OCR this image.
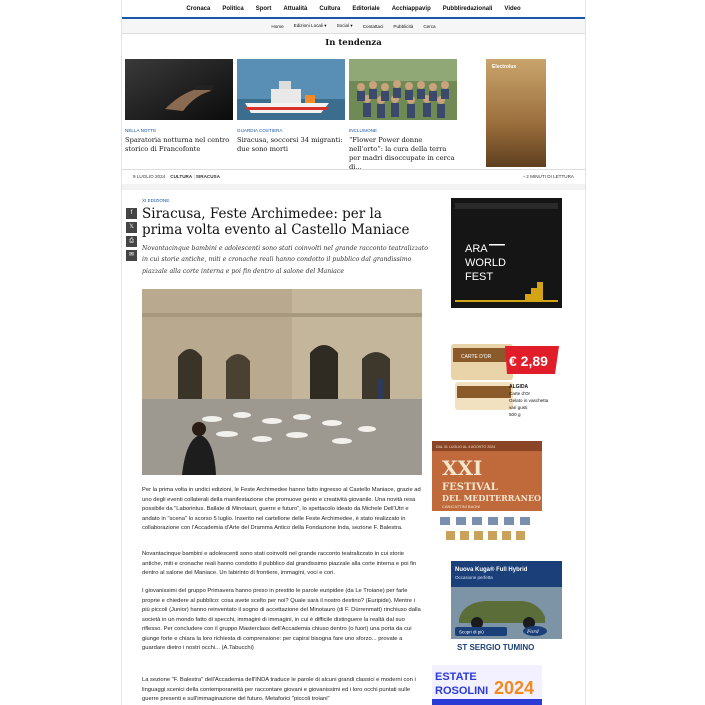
Cronaca	Politica	Sport	Attualità	Cultura	Editoriale	Acchiappavip	Pubbliredazionali	Video
Home	Edizioni Locali ▾	Social ▾	Contattaci	Pubblicità	Cerca
In tendenza
NELLA NOTTE
Sparatoria notturna nel centro storico di Francofonte
GUARDIA COSTIERA
Siracusa, soccorsi 34 migranti: due sono morti
INCLUSIONE
“Flower Power donne nell'orto”: la cura della terra per madri disoccupate in cerca di...
Electrolux
9 LUGLIO 2024 CULTURA | SIRACUSA	◔ 2 MINUTI DI LETTURA
f
𝕏
⎙
✉
XI EDIZIONE
Siracusa, Feste Archimedee: per la prima volta evento al Castello Maniace
Novantacinque bambini e adolescenti sono stati coinvolti nel grande racconto teatralizzato in cui storie antiche, miti e cronache reali hanno condotto il pubblico dal grandissimo piazzale alla corte interna e poi fin dentro al salone del Maniace
Per la prima volta in undici edizioni, le Feste Archimedee hanno fatto ingresso al Castello Maniace, grazie ad uno degli eventi collaterali della manifestazione che promuove genio e creatività giovanile. Una novità resa possibile da "Laborintus. Ballate di Minotauri, guerre e futuro", lo spettacolo ideato da Michele Dell'Utri e andato in "scena" lo scorso 5 luglio. Inserito nel cartellone delle Feste Archimedee, è stato realizzato in collaborazione con l'Accademia d'Arte del Dramma Antico della Fondazione Inda, sezione F. Balestra.
Novantacinque bambini e adolescenti sono stati coinvolti nel grande racconto teatralizzato in cui storie antiche, miti e cronache reali hanno condotto il pubblico dal grandissimo piazzale alla corte interna e poi fin dentro al salone del Maniace. Un labirinto di frontiere, immagini, voci e cori.
I giovanissimi del gruppo Primavera hanno preso in prestito le parole euripidee (da Le Troiane) per farle proprie e chiedere al pubblico: cosa avete scelto per noi? Quale sarà il nostro destino? (Euripide). Mentre i più piccoli (Junior) hanno reinventato il sogno di accettazione del Minotauro (di F. Dürrenmatt) rinchiuso dalla società in un mondo fatto di specchi, immagini di immagini, in cui è difficile distinguere la realtà dal suo riflesso. Per concludere con il gruppo Masterclass dell'Accademia chiuso dentro (o fuori) una porta da cui giunge forte e chiara la loro richiesta di comprensione: per capirsi bisogna fare uno sforzo... provate a guardare dietro i nostri occhi... (A.Tabucchi)
La sezione "F. Balestra" dell'Accademia dell'INDA traduce le parole di alcuni grandi classici e moderni con i linguaggi scenici della contemporaneità per raccontare giovani e giovanissimi ed i loro occhi puntati sulle guerre presenti e sull'immaginazione del futuro. Metaforici "piccoli troiani"
ARA
WORLD
FEST
CARTE D'OR € 2,89
ALGIDA
Carte d'Or
Gelato in vaschetta
vari gusti
500 g
DAL 31 LUGLIO AL 4 AGOSTO 2024
XXI
FESTIVAL
DEL MEDITERRANEO
CANICATTINI BAGNI
Nuova Kuga® Full Hybrid
Occasione perfetta
Scopri di più	Ford
ST SERGIO TUMINO
ESTATE
ROSOLINI 2024
